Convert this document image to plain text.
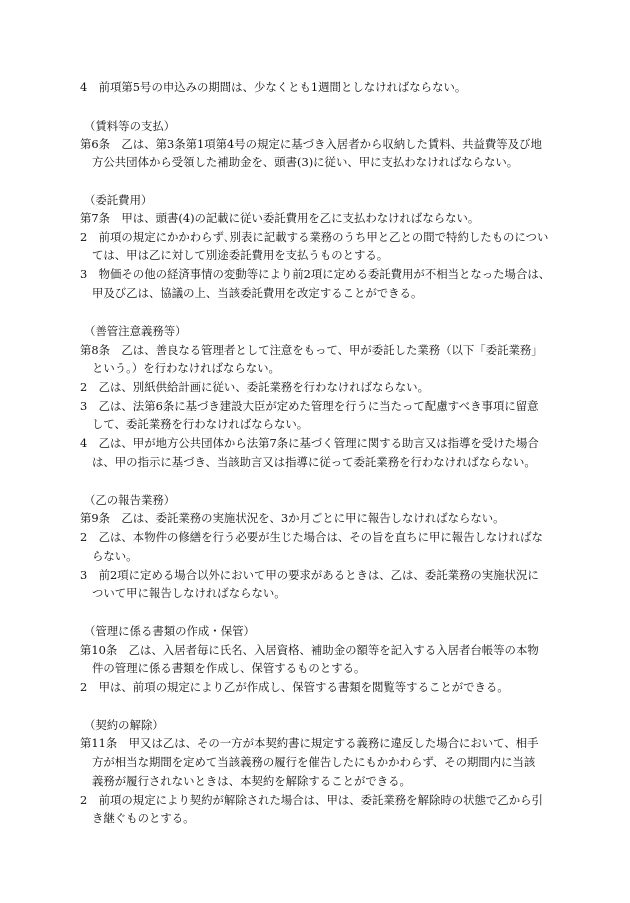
4　前項第5号の申込みの期間は、少なくとも1週間としなければならない。
（賃料等の支払）
第6条　乙は、第3条第1項第4号の規定に基づき入居者から収納した賃料、共益費等及び地
方公共団体から受領した補助金を、頭書(3)に従い、甲に支払わなければならない。
（委託費用）
第7条　甲は、頭書(4)の記載に従い委託費用を乙に支払わなければならない。
2　前項の規定にかかわらず､別表に記載する業務のうち甲と乙との間で特約したものについ
ては、甲は乙に対して別途委託費用を支払うものとする。
3　物価その他の経済事情の変動等により前2項に定める委託費用が不相当となった場合は、
甲及び乙は、協議の上、当該委託費用を改定することができる。
（善管注意義務等）
第8条　乙は、善良なる管理者として注意をもって、甲が委託した業務（以下「委託業務」
という。）を行わなければならない。
2　乙は、別紙供給計画に従い、委託業務を行わなければならない。
3　乙は、法第6条に基づき建設大臣が定めた管理を行うに当たって配慮すべき事項に留意
して、委託業務を行わなければならない。
4　乙は、甲が地方公共団体から法第7条に基づく管理に関する助言又は指導を受けた場合
は、甲の指示に基づき、当該助言又は指導に従って委託業務を行わなければならない。
（乙の報告業務）
第9条　乙は、委託業務の実施状況を、3か月ごとに甲に報告しなければならない。
2　乙は、本物件の修繕を行う必要が生じた場合は、その旨を直ちに甲に報告しなければな
らない。
3　前2項に定める場合以外において甲の要求があるときは、乙は、委託業務の実施状況に
ついて甲に報告しなければならない。
（管理に係る書類の作成・保管）
第10条　乙は、入居者毎に氏名、入居資格、補助金の額等を記入する入居者台帳等の本物
件の管理に係る書類を作成し、保管するものとする。
2　甲は、前項の規定により乙が作成し、保管する書類を閲覧等することができる。
（契約の解除）
第11条　甲又は乙は、その一方が本契約書に規定する義務に違反した場合において、相手
方が相当な期間を定めて当該義務の履行を催告したにもかかわらず、その期間内に当該
義務が履行されないときは、本契約を解除することができる。
2　前項の規定により契約が解除された場合は、甲は、委託業務を解除時の状態で乙から引
き継ぐものとする。
